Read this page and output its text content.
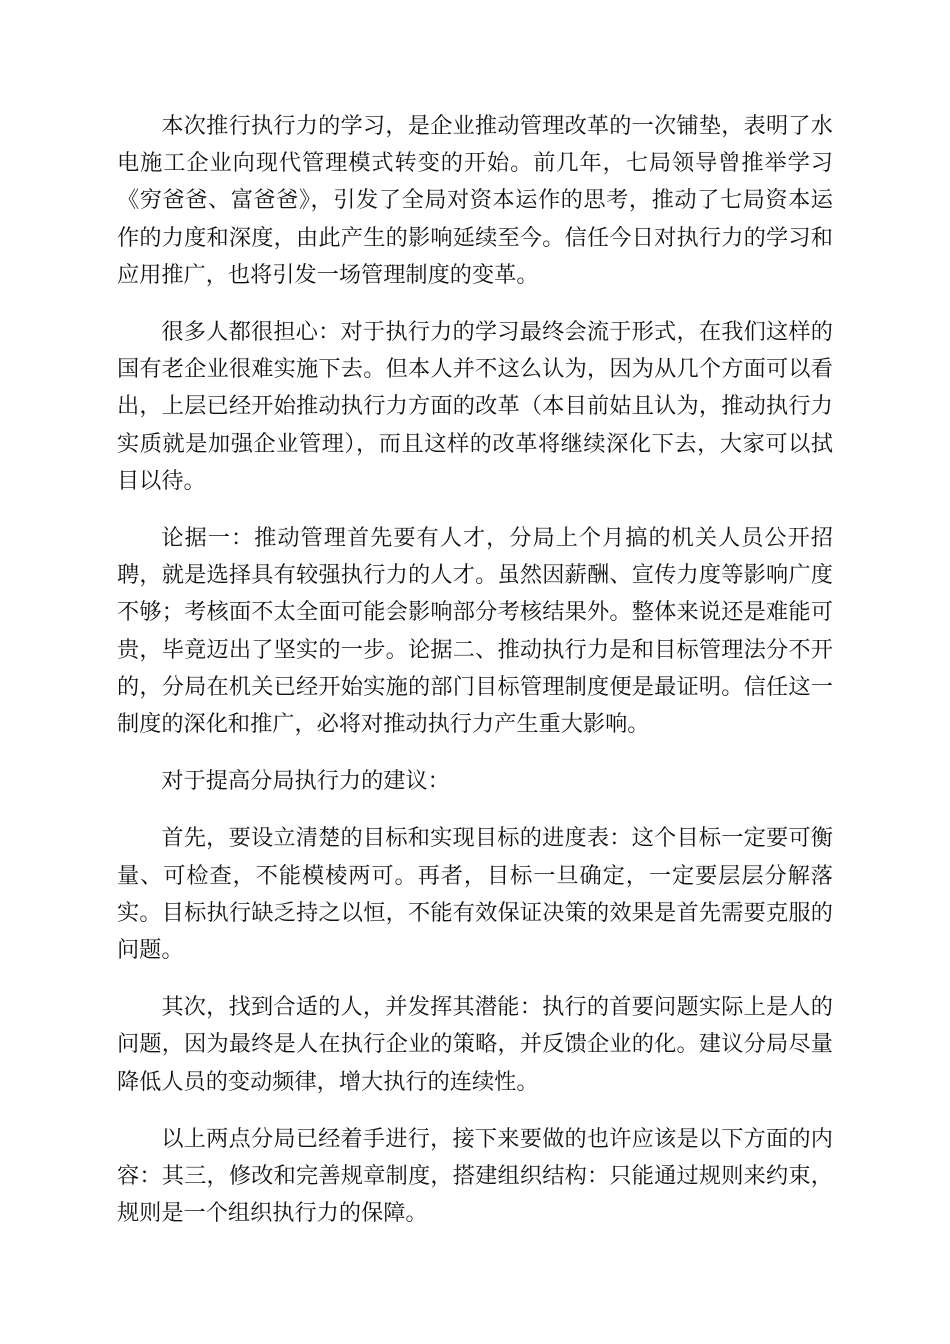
本次推行执行力的学习，是企业推动管理改革的一次铺垫，表明了水电施工企业向现代管理模式转变的开始。前几年，七局领导曾推举学习《穷爸爸、富爸爸》，引发了全局对资本运作的思考，推动了七局资本运作的力度和深度，由此产生的影响延续至今。信任今日对执行力的学习和应用推广，也将引发一场管理制度的变革。

很多人都很担心：对于执行力的学习最终会流于形式，在我们这样的国有老企业很难实施下去。但本人并不这么认为，因为从几个方面可以看出，上层已经开始推动执行力方面的改革（本目前姑且认为，推动执行力实质就是加强企业管理），而且这样的改革将继续深化下去，大家可以拭目以待。

论据一：推动管理首先要有人才，分局上个月搞的机关人员公开招聘，就是选择具有较强执行力的人才。虽然因薪酬、宣传力度等影响广度不够；考核面不太全面可能会影响部分考核结果外。整体来说还是难能可贵，毕竟迈出了坚实的一步。论据二、推动执行力是和目标管理法分不开的，分局在机关已经开始实施的部门目标管理制度便是最证明。信任这一制度的深化和推广，必将对推动执行力产生重大影响。

对于提高分局执行力的建议：

首先，要设立清楚的目标和实现目标的进度表：这个目标一定要可衡量、可检查，不能模棱两可。再者，目标一旦确定，一定要层层分解落实。目标执行缺乏持之以恒，不能有效保证决策的效果是首先需要克服的问题。

其次，找到合适的人，并发挥其潜能：执行的首要问题实际上是人的问题，因为最终是人在执行企业的策略，并反馈企业的化。建议分局尽量降低人员的变动频律，增大执行的连续性。

以上两点分局已经着手进行，接下来要做的也许应该是以下方面的内容：其三，修改和完善规章制度，搭建组织结构：只能通过规则来约束，规则是一个组织执行力的保障。
